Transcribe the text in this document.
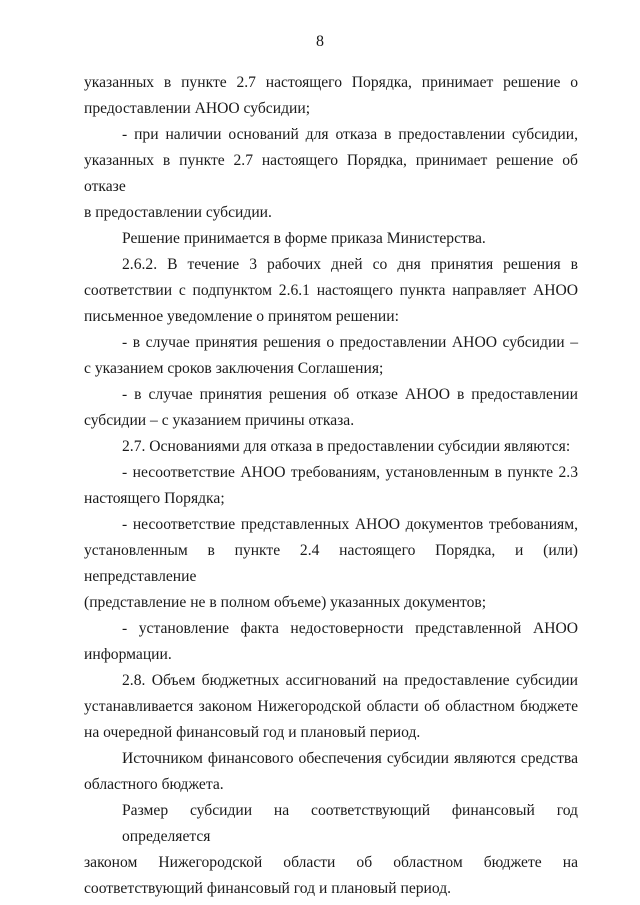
8

указанных в пункте 2.7 настоящего Порядка, принимает решение о
предоставлении АНОО субсидии;

- при наличии оснований для отказа в предоставлении субсидии,
указанных в пункте 2.7 настоящего Порядка, принимает решение об отказе
в предоставлении субсидии.

Решение принимается в форме приказа Министерства.

2.6.2. В течение 3 рабочих дней со дня принятия решения в
соответствии с подпунктом 2.6.1 настоящего пункта направляет АНОО
письменное уведомление о принятом решении:

- в случае принятия решения о предоставлении АНОО субсидии –
с указанием сроков заключения Соглашения;

- в случае принятия решения об отказе АНОО в предоставлении
субсидии – с указанием причины отказа.

2.7. Основаниями для отказа в предоставлении субсидии являются:

- несоответствие АНОО требованиям, установленным в пункте 2.3
настоящего Порядка;

- несоответствие представленных АНОО документов требованиям,
установленным в пункте 2.4 настоящего Порядка, и (или) непредставление
(представление не в полном объеме) указанных документов;

- установление факта недостоверности представленной АНОО
информации.

2.8. Объем бюджетных ассигнований на предоставление субсидии
устанавливается законом Нижегородской области об областном бюджете
на очередной финансовый год и плановый период.

Источником финансового обеспечения субсидии являются средства
областного бюджета.

Размер субсидии на соответствующий финансовый год определяется
законом Нижегородской области об областном бюджете на
соответствующий финансовый год и плановый период.
